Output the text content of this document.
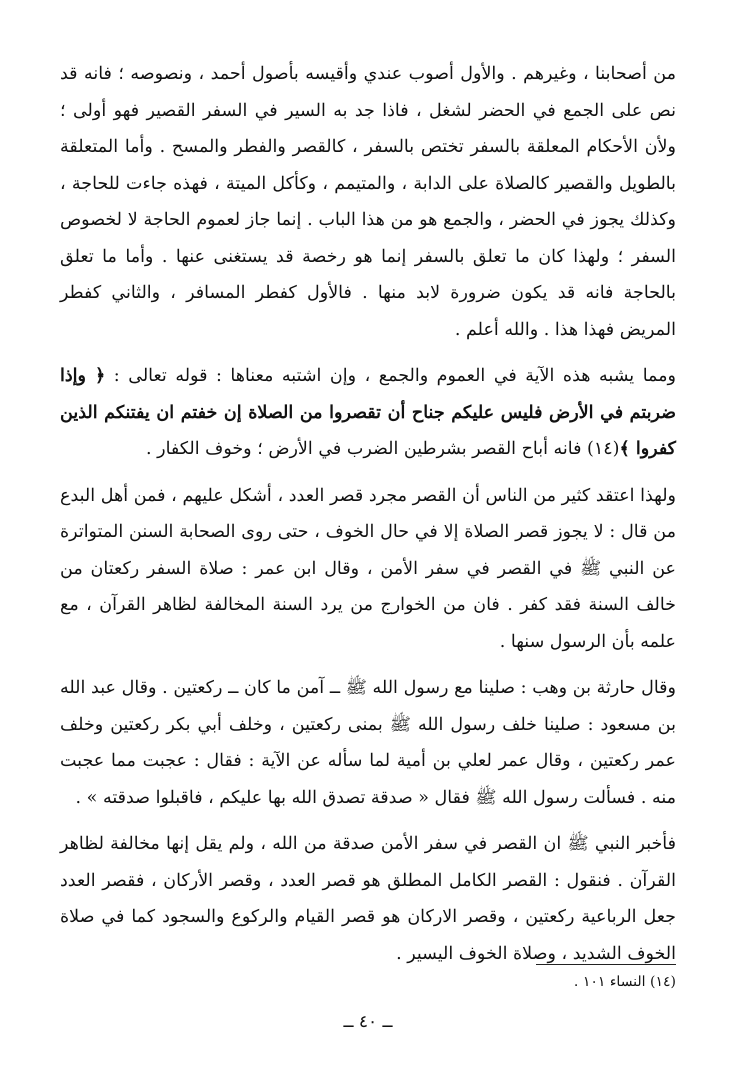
من أصحابنا ، وغيرهم . والأول أصوب عندي وأقيسه بأصول أحمد ، ونصوصه ؛ فانه قد نص على الجمع في الحضر لشغل ، فاذا جد به السير في السفر القصير فهو أولى ؛ ولأن الأحكام المعلقة بالسفر تختص بالسفر ، كالقصر والفطر والمسح . وأما المتعلقة بالطويل والقصير كالصلاة على الدابة ، والمتيمم ، وكأكل الميتة ، فهذه جاءت للحاجة ، وكذلك يجوز في الحضر ، والجمع هو من هذا الباب . إنما جاز لعموم الحاجة لا لخصوص السفر ؛ ولهذا كان ما تعلق بالسفر إنما هو رخصة قد يستغنى عنها . وأما ما تعلق بالحاجة فانه قد يكون ضرورة لابد منها . فالأول كفطر المسافر ، والثاني كفطر المريض فهذا هذا . والله أعلم .

ومما يشبه هذه الآية في العموم والجمع ، وإن اشتبه معناها : قوله تعالى : ﴿ وإذا ضربتم في الأرض فليس عليكم جناح أن تقصروا من الصلاة إن خفتم ان يفتنكم الذين كفروا ﴾(١٤) فانه أباح القصر بشرطين الضرب في الأرض ؛ وخوف الكفار .

ولهذا اعتقد كثير من الناس أن القصر مجرد قصر العدد ، أشكل عليهم ، فمن أهل البدع من قال : لا يجوز قصر الصلاة إلا في حال الخوف ، حتى روى الصحابة السنن المتواترة عن النبي ﷺ في القصر في سفر الأمن ، وقال ابن عمر : صلاة السفر ركعتان من خالف السنة فقد كفر . فان من الخوارج من يرد السنة المخالفة لظاهر القرآن ، مع علمه بأن الرسول سنها .

وقال حارثة بن وهب : صلينا مع رسول الله ﷺ ــ آمن ما كان ــ ركعتين . وقال عبد الله بن مسعود : صلينا خلف رسول الله ﷺ بمنى ركعتين ، وخلف أبي بكر ركعتين وخلف عمر ركعتين ، وقال عمر لعلي بن أمية لما سأله عن الآية : فقال : عجبت مما عجبت منه . فسألت رسول الله ﷺ فقال « صدقة تصدق الله بها عليكم ، فاقبلوا صدقته » .

فأخبر النبي ﷺ ان القصر في سفر الأمن صدقة من الله ، ولم يقل إنها مخالفة لظاهر القرآن . فنقول : القصر الكامل المطلق هو قصر العدد ، وقصر الأركان ، فقصر العدد جعل الرباعية ركعتين ، وقصر الاركان هو قصر القيام والركوع والسجود كما في صلاة الخوف الشديد ، وصلاة الخوف اليسير .

(١٤) النساء ١٠١ .
ــ ٤٠ ــ
